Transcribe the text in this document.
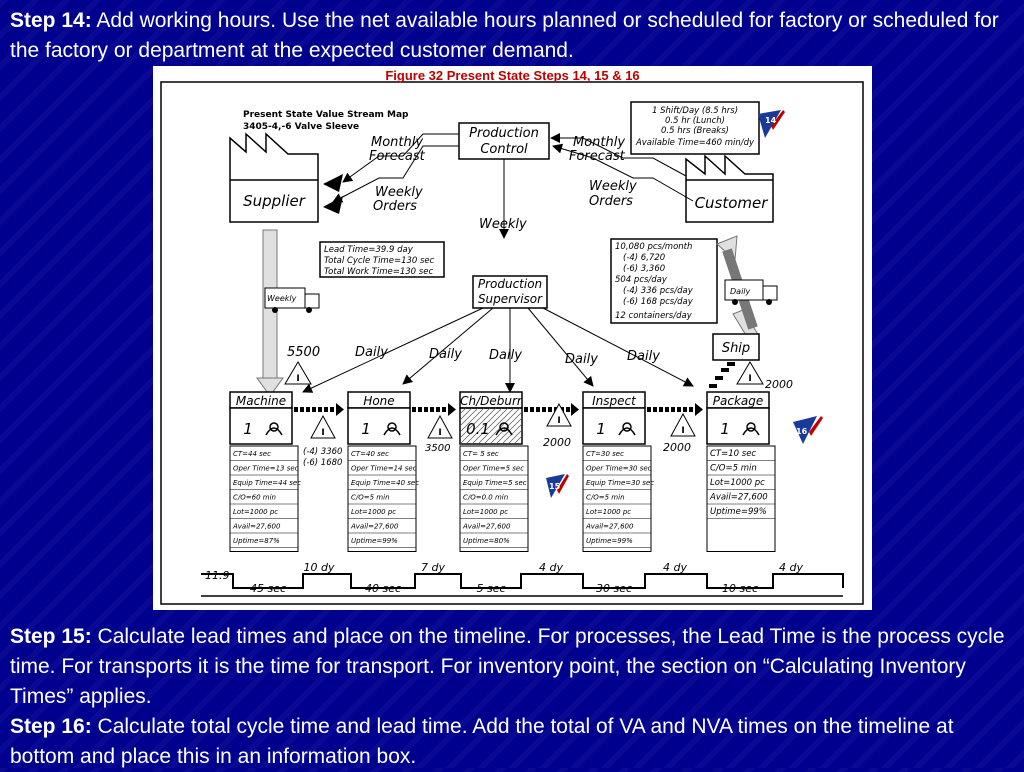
Step 14: Add working hours. Use the net available hours planned or scheduled for factory or scheduled for the factory or department at the expected customer demand.
Figure 32 Present State Steps 14, 15 & 16
Present State Value Stream Map
3405-4,-6 Valve Sleeve
Supplier	Customer
1 Shift/Day (8.5 hrs)
0.5 hr (Lunch)
0.5 hrs (Breaks)
Available Time=460 min/dy
14
Production
Control
Monthly
Forecast
Weekly
Orders
Monthly
Forecast
Weekly
Orders
Weekly
Lead Time=39.9 day
Total Cycle Time=130 sec
Total Work Time=130 sec
10,080 pcs/month
(-4) 6,720
(-6) 3,360
504 pcs/day
(-4) 336 pcs/day
(-6) 168 pcs/day
12 containers/day
Production
Supervisor
Weekly
Daily
Ship
Daily	Daily Daily	Daily Daily
5500
I	I 2000
Machine
1
CT=44 sec
Oper Time=13 sec
Equip Time=44 sec
C/O=60 min
Lot=1000 pc
Avail=27,600
Uptime=87%
Hone
1
CT=40 sec
Oper Time=14 sec
Equip Time=40 sec
C/O=5 min
Lot=1000 pc
Avail=27,600
Uptime=99%
Ch/Deburr
0.1
CT= 5 sec
Oper Time=5 sec
Equip Time=5 sec
C/O=0.0 min
Lot=1000 pc
Avail=27,600
Uptime=80%
Inspect
1
CT=30 sec
Oper Time=30 sec
Equip Time=30 sec
C/O=5 min
Lot=1000 pc
Avail=27,600
Uptime=99%
Package
1
CT=10 sec
C/O=5 min
Lot=1000 pc
Avail=27,600
Uptime=99%
15
16
I
(-4) 3360
(-6) 1680
I
3500
I
2000
I
2000
45 sec	40 sec	5 sec	30 sec	10 sec
10 dy	7 dy	4 dy	4 dy	4 dy
11.9

Step 15: Calculate lead times and place on the timeline. For processes, the Lead Time is the process cycle time. For transports it is the time for transport. For inventory point, the section on “Calculating Inventory Times” applies.

Step 16: Calculate total cycle time and lead time. Add the total of VA and NVA times on the timeline at bottom and place this in an information box.
